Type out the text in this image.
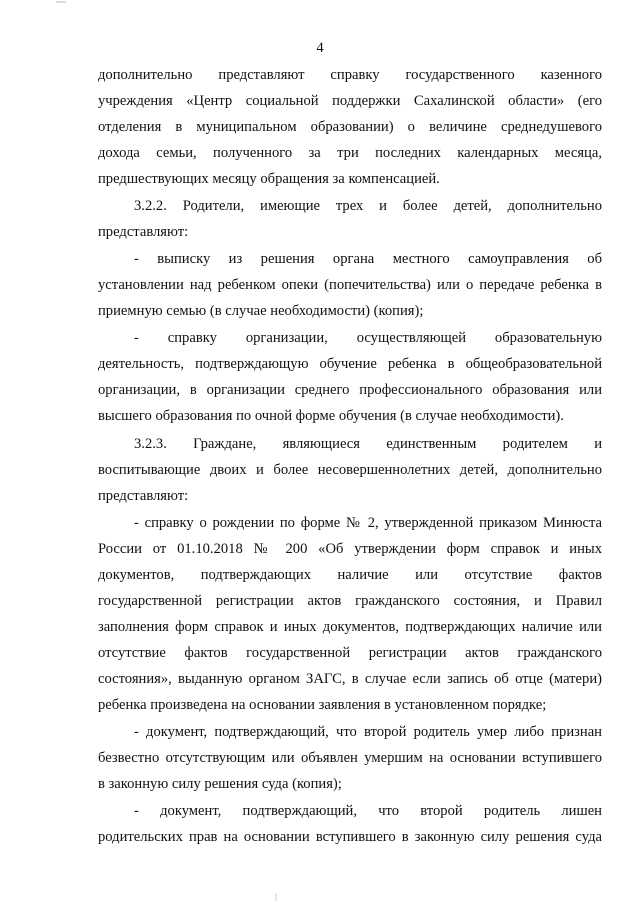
4
дополнительно представляют справку государственного казенного
учреждения «Центр социальной поддержки Сахалинской области» (его
отделения в муниципальном образовании) о величине среднедушевого
дохода семьи, полученного за три последних календарных месяца,
предшествующих месяцу обращения за компенсацией.
3.2.2. Родители, имеющие трех и более детей, дополнительно
представляют:
- выписку из решения органа местного самоуправления об
установлении над ребенком опеки (попечительства) или о передаче ребенка в
приемную семью (в случае необходимости) (копия);
- справку организации, осуществляющей образовательную
деятельность, подтверждающую обучение ребенка в общеобразовательной
организации, в организации среднего профессионального образования или
высшего образования по очной форме обучения (в случае необходимости).
3.2.3. Граждане, являющиеся единственным родителем и
воспитывающие двоих и более несовершеннолетних детей, дополнительно
представляют:
- справку о рождении по форме № 2, утвержденной приказом Минюста
России от 01.10.2018 № 200 «Об утверждении форм справок и иных
документов, подтверждающих наличие или отсутствие фактов
государственной регистрации актов гражданского состояния, и Правил
заполнения форм справок и иных документов, подтверждающих наличие или
отсутствие фактов государственной регистрации актов гражданского
состояния», выданную органом ЗАГС, в случае если запись об отце (матери)
ребенка произведена на основании заявления в установленном порядке;
- документ, подтверждающий, что второй родитель умер либо признан
безвестно отсутствующим или объявлен умершим на основании вступившего
в законную силу решения суда (копия);
- документ, подтверждающий, что второй родитель лишен
родительских прав на основании вступившего в законную силу решения суда
